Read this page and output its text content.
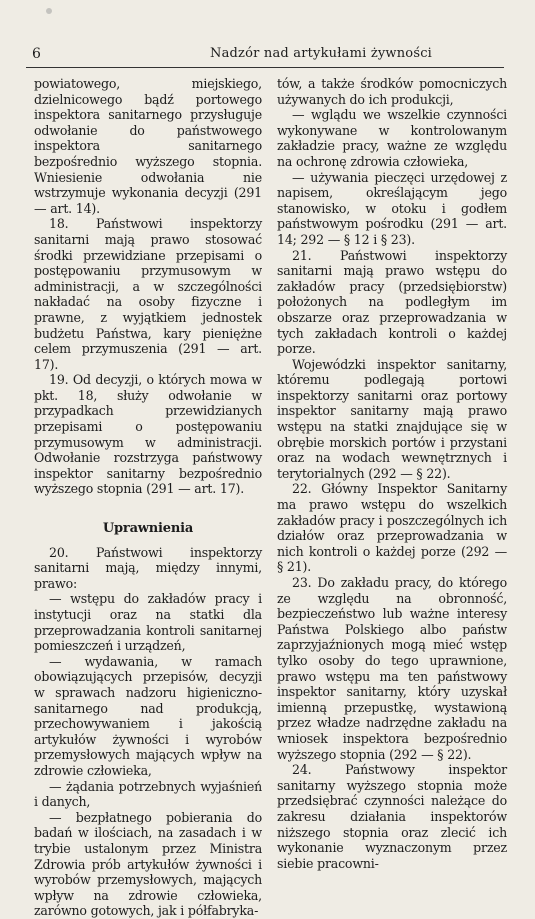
6	Nadzór nad artykułami żywności

powiatowego, miejskiego, dzielnicowego bądź portowego inspektora sanitarnego przysługuje odwołanie do państwowego inspektora sanitarnego bezpośrednio wyższego stopnia. Wniesienie odwołania nie wstrzymuje wykonania decyzji (291 — art. 14).

18. Państwowi inspektorzy sanitarni mają prawo stosować środki przewidziane przepisami o postępowaniu przymusowym w administracji, a w szczególności nakładać na osoby fizyczne i prawne, z wyjątkiem jednostek budżetu Państwa, kary pieniężne celem przymuszenia (291 — art. 17).

19. Od decyzji, o których mowa w pkt. 18, służy odwołanie w przypadkach przewidzianych przepisami o postępowaniu przymusowym w administracji. Odwołanie rozstrzyga państwowy inspektor sanitarny bezpośrednio wyższego stopnia (291 — art. 17).

Uprawnienia

20. Państwowi inspektorzy sanitarni mają, między innymi, prawo:

— wstępu do zakładów pracy i instytucji oraz na statki dla przeprowadzania kontroli sanitarnej pomieszczeń i urządzeń,

— wydawania, w ramach obowiązujących przepisów, decyzji w sprawach nadzoru higieniczno-sanitarnego nad produkcją, przechowywaniem i jakością artykułów żywności i wyrobów przemysłowych mających wpływ na zdrowie człowieka,

— żądania potrzebnych wyjaśnień i danych,

— bezpłatnego pobierania do badań w ilościach, na zasadach i w trybie ustalonym przez Ministra Zdrowia prób artykułów żywności i wyrobów przemysłowych, mających wpływ na zdrowie człowieka, zarówno gotowych, jak i półfabryka-

tów, a także środków pomocniczych używanych do ich produkcji,

— wglądu we wszelkie czynności wykonywane w kontrolowanym zakładzie pracy, ważne ze względu na ochronę zdrowia człowieka,

— używania pieczęci urzędowej z napisem, określającym jego stanowisko, w otoku i godłem państwowym pośrodku (291 — art. 14; 292 — § 12 i § 23).

21. Państwowi inspektorzy sanitarni mają prawo wstępu do zakładów pracy (przedsiębiorstw) położonych na podległym im obszarze oraz przeprowadzania w tych zakładach kontroli o każdej porze.

Wojewódzki inspektor sanitarny, któremu podlegają portowi inspektorzy sanitarni oraz portowy inspektor sanitarny mają prawo wstępu na statki znajdujące się w obrębie morskich portów i przystani oraz na wodach wewnętrznych i terytorialnych (292 — § 22).

22. Główny Inspektor Sanitarny ma prawo wstępu do wszelkich zakładów pracy i poszczególnych ich działów oraz przeprowadzania w nich kontroli o każdej porze (292 — § 21).

23. Do zakładu pracy, do którego ze względu na obronność, bezpieczeństwo lub ważne interesy Państwa Polskiego albo państw zaprzyjaźnionych mogą mieć wstęp tylko osoby do tego uprawnione, prawo wstępu ma ten państwowy inspektor sanitarny, który uzyskał imienną przepustkę, wystawioną przez władze nadrzędne zakładu na wniosek inspektora bezpośrednio wyższego stopnia (292 — § 22).

24. Państwowy inspektor sanitarny wyższego stopnia może przedsiębrać czynności należące do zakresu działania inspektorów niższego stopnia oraz zlecić ich wykonanie wyznaczonym przez siebie pracowni-
